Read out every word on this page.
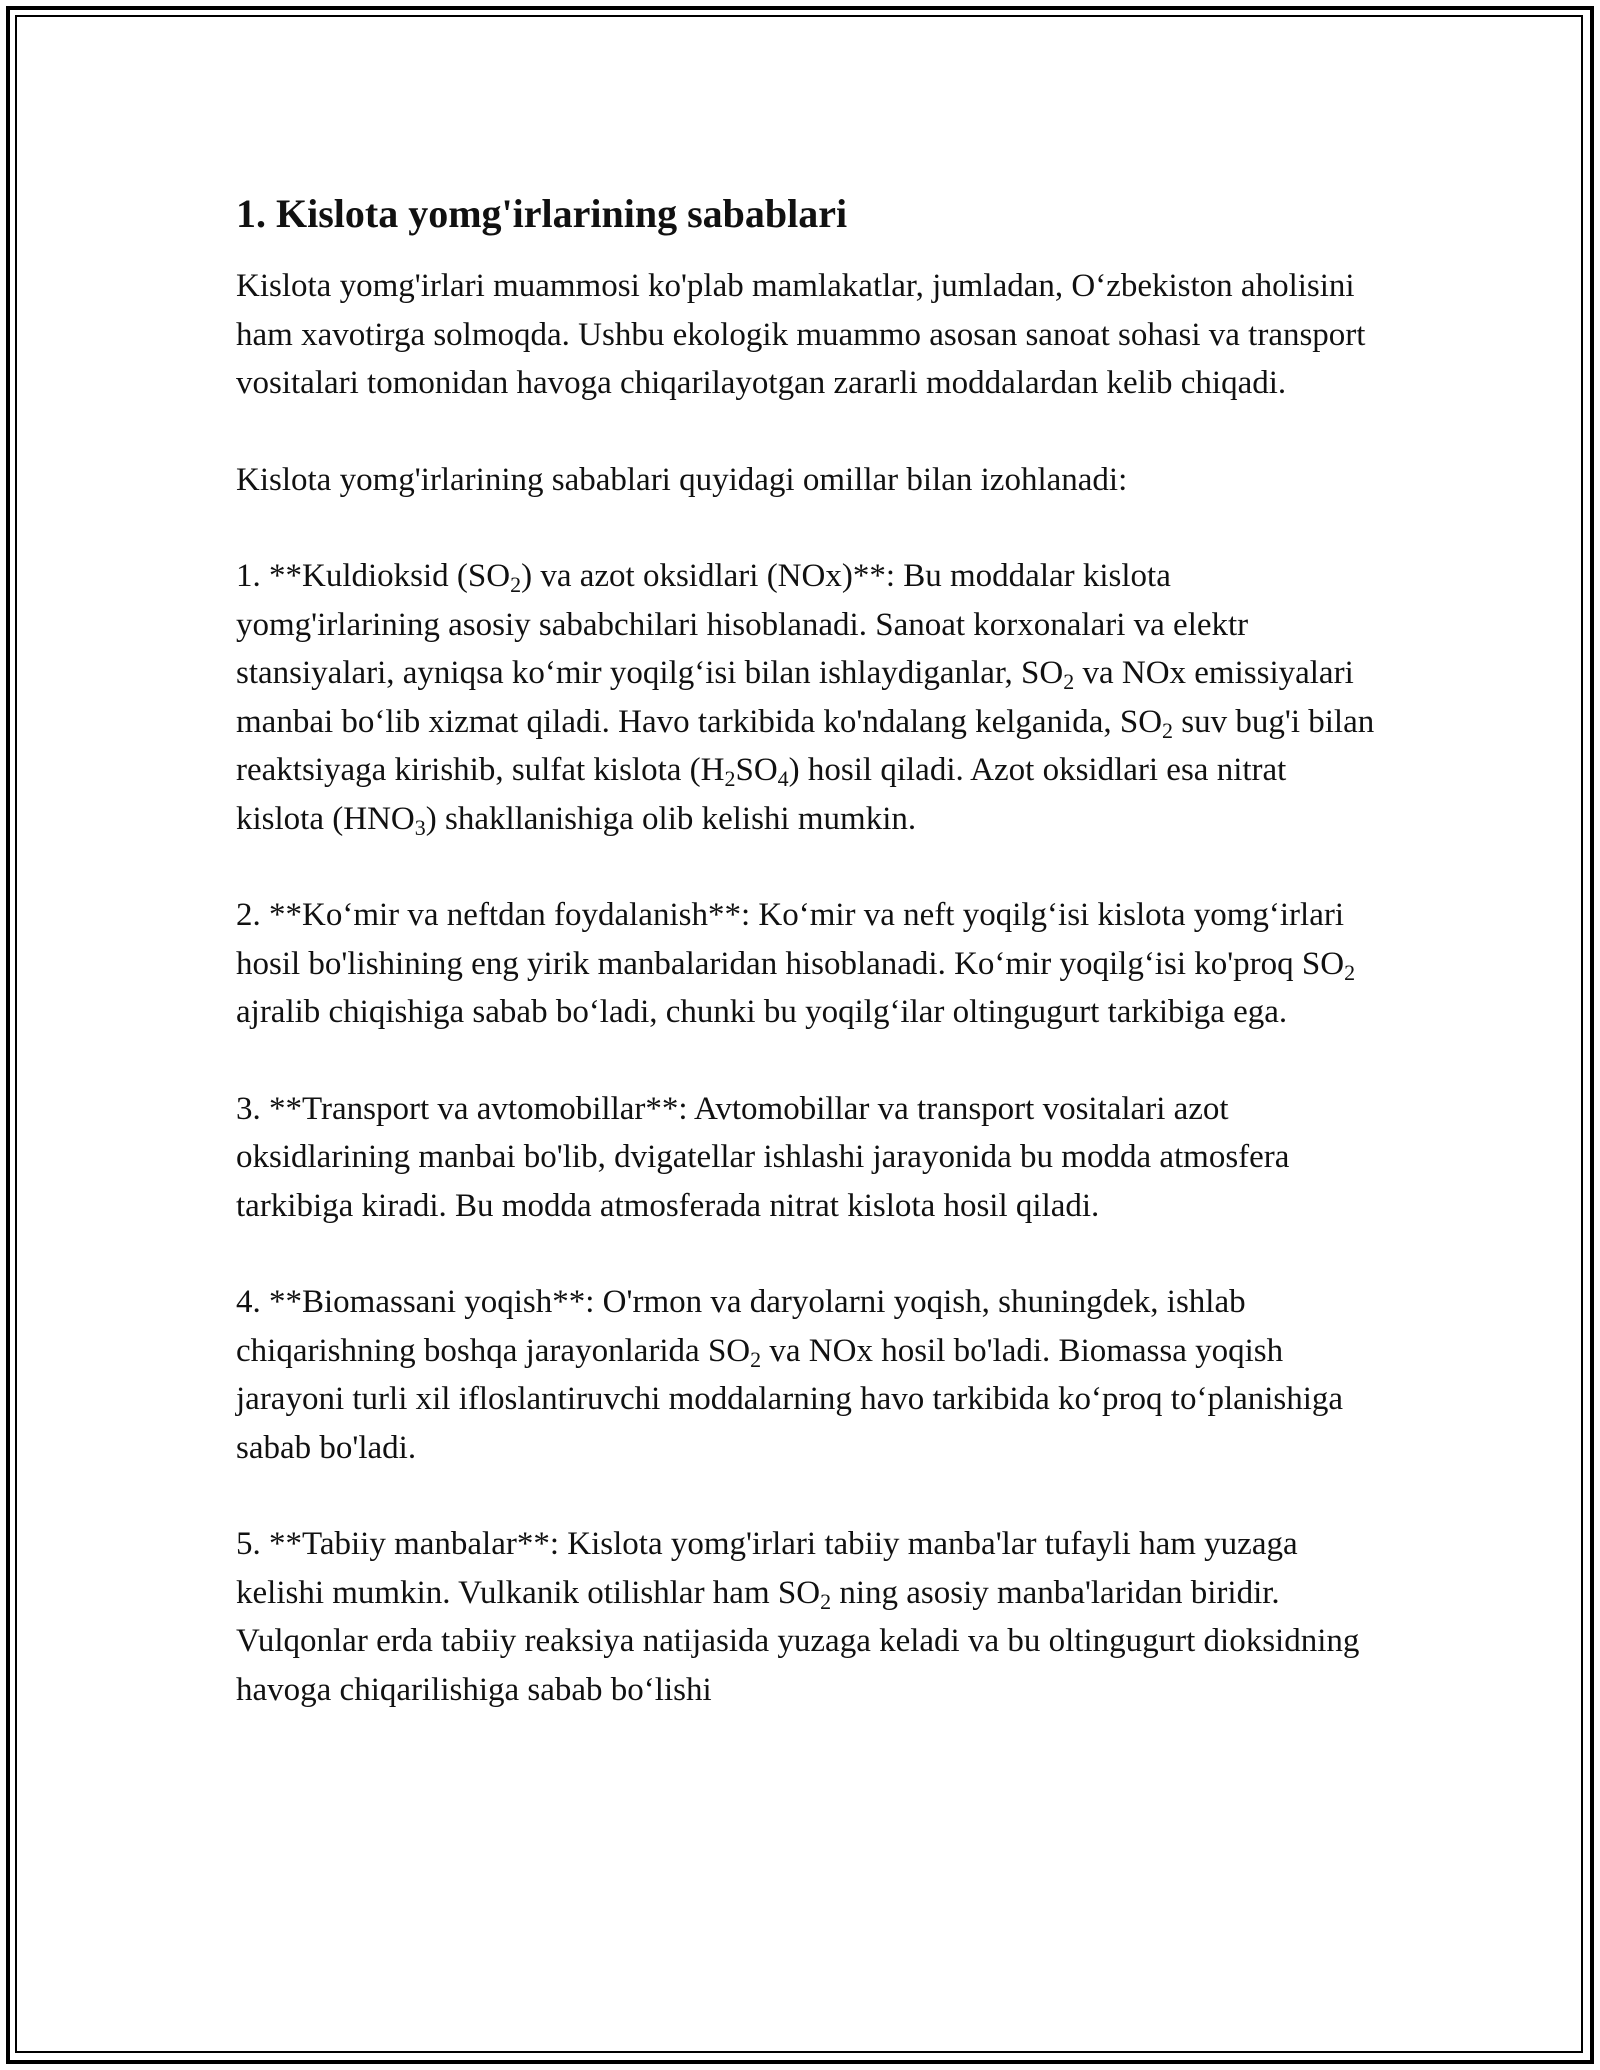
1. Kislota yomg'irlarining sabablari

Kislota yomg'irlari muammosi ko'plab mamlakatlar, jumladan, O‘zbekiston aholisini ham xavotirga solmoqda. Ushbu ekologik muammo asosan sanoat sohasi va transport vositalari tomonidan havoga chiqarilayotgan zararli moddalardan kelib chiqadi.

Kislota yomg'irlarining sabablari quyidagi omillar bilan izohlanadi:

1. **Kuldioksid $(SO_2)$ va azot oksidlari (NOx)**: Bu moddalar kislota yomg'irlarining asosiy sababchilari hisoblanadi. Sanoat korxonalari va elektr stansiyalari, ayniqsa ko‘mir yoqilg‘isi bilan ishlaydiganlar, $SO_2$ va NOx emissiyalari manbai bo‘lib xizmat qiladi. Havo tarkibida ko'ndalang kelganida, $SO_2$ suv bug'i bilan reaktsiyaga kirishib, sulfat kislota $(H_2SO_4)$ hosil qiladi. Azot oksidlari esa nitrat kislota $(HNO_3)$ shakllanishiga olib kelishi mumkin.

2. **Ko‘mir va neftdan foydalanish**: Ko‘mir va neft yoqilg‘isi kislota yomg‘irlari hosil bo'lishining eng yirik manbalaridan hisoblanadi. Ko‘mir yoqilg‘isi ko'proq $SO_2$ ajralib chiqishiga sabab bo‘ladi, chunki bu yoqilg‘ilar oltingugurt tarkibiga ega.

3. **Transport va avtomobillar**: Avtomobillar va transport vositalari azot oksidlarining manbai bo'lib, dvigatellar ishlashi jarayonida bu modda atmosfera tarkibiga kiradi. Bu modda atmosferada nitrat kislota hosil qiladi.

4. **Biomassani yoqish**: O'rmon va daryolarni yoqish, shuningdek, ishlab chiqarishning boshqa jarayonlarida $SO_2$ va NOx hosil bo'ladi. Biomassa yoqish jarayoni turli xil ifloslantiruvchi moddalarning havo tarkibida ko‘proq to‘planishiga sabab bo'ladi.

5. **Tabiiy manbalar**: Kislota yomg'irlari tabiiy manba'lar tufayli ham yuzaga kelishi mumkin. Vulkanik otilishlar ham $SO_2$ ning asosiy manba'laridan biridir. Vulqonlar erda tabiiy reaksiya natijasida yuzaga keladi va bu oltingugurt dioksidning havoga chiqarilishiga sabab bo‘lishi
